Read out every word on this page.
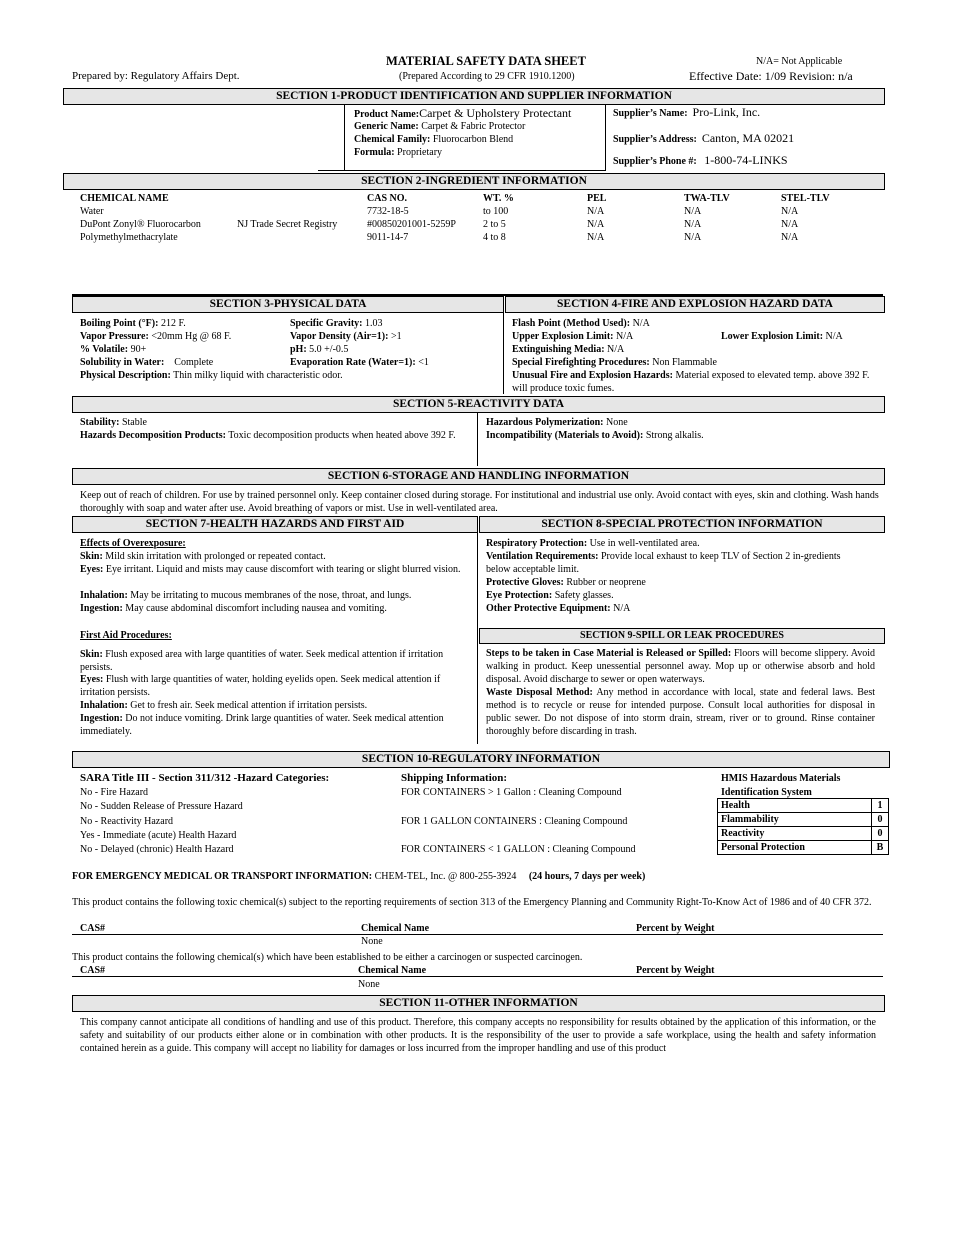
MATERIAL SAFETY DATA SHEET
(Prepared According to 29 CFR 1910.1200)
Prepared by: Regulatory Affairs Dept.
N/A= Not Applicable
Effective Date: 1/09 Revision: n/a
SECTION 1-PRODUCT IDENTIFICATION AND SUPPLIER INFORMATION
Product Name:Carpet & Upholstery Protectant
Generic Name: Carpet & Fabric Protector
Chemical Family: Fluorocarbon Blend
Formula: Proprietary
Supplier’s Name: Pro-Link, Inc.
Supplier’s Address: Canton, MA 02021
Supplier’s Phone #: 1-800-74-LINKS
SECTION 2-INGREDIENT INFORMATION
CHEMICAL NAME	CAS NO.	WT. %	PEL	TWA-TLV	STEL-TLV
Water	7732-18-5	to 100	N/A	N/A	N/A
DuPont Zonyl® Fluorocarbon	NJ Trade Secret Registry	#00850201001-5259P	2 to 5	N/A	N/A	N/A
Polymethylmethacrylate	9011-14-7	4 to 8	N/A	N/A	N/A
SECTION 3-PHYSICAL DATA	SECTION 4-FIRE AND EXPLOSION HAZARD DATA
Boiling Point (°F): 212 F.	Specific Gravity: 1.03
Vapor Pressure: <20mm Hg @ 68 F.	Vapor Density (Air=1): >1
% Volatile: 90+	pH: 5.0 +/-0.5
Solubility in Water: Complete	Evaporation Rate (Water=1): <1
Physical Description: Thin milky liquid with characteristic odor.
Flash Point (Method Used): N/A
Upper Explosion Limit: N/A	Lower Explosion Limit: N/A
Extinguishing Media: N/A
Special Firefighting Procedures: Non Flammable
Unusual Fire and Explosion Hazards: Material exposed to elevated temp. above 392 F. will produce toxic fumes.
SECTION 5-REACTIVITY DATA
Stability: Stable
Hazards Decomposition Products: Toxic decomposition products when heated above 392 F.
Hazardous Polymerization: None
Incompatibility (Materials to Avoid): Strong alkalis.
SECTION 6-STORAGE AND HANDLING INFORMATION
Keep out of reach of children. For use by trained personnel only. Keep container closed during storage. For institutional and industrial use only. Avoid contact with eyes, skin and clothing. Wash hands thoroughly with soap and water after use. Avoid breathing of vapors or mist. Use in well-ventilated area.
SECTION 7-HEALTH HAZARDS AND FIRST AID	SECTION 8-SPECIAL PROTECTION INFORMATION
Effects of Overexposure:
Skin: Mild skin irritation with prolonged or repeated contact.
Eyes: Eye irritant. Liquid and mists may cause discomfort with tearing or slight blurred vision.
Inhalation: May be irritating to mucous membranes of the nose, throat, and lungs.
Ingestion: May cause abdominal discomfort including nausea and vomiting.
First Aid Procedures:
Skin: Flush exposed area with large quantities of water. Seek medical attention if irritation persists.
Eyes: Flush with large quantities of water, holding eyelids open. Seek medical attention if irritation persists.
Inhalation: Get to fresh air. Seek medical attention if irritation persists.
Ingestion: Do not induce vomiting. Drink large quantities of water. Seek medical attention immediately.
Respiratory Protection: Use in well-ventilated area.
Ventilation Requirements: Provide local exhaust to keep TLV of Section 2 in-gredients below acceptable limit.
Protective Gloves: Rubber or neoprene
Eye Protection: Safety glasses.
Other Protective Equipment: N/A
SECTION 9-SPILL OR LEAK PROCEDURES
Steps to be taken in Case Material is Released or Spilled: Floors will become slippery. Avoid walking in product. Keep unessential personnel away. Mop up or otherwise absorb and hold disposal. Avoid discharge to sewer or open waterways.
Waste Disposal Method: Any method in accordance with local, state and federal laws. Best method is to recycle or reuse for intended purpose. Consult local authorities for disposal in public sewer. Do not dispose of into storm drain, stream, river or to ground. Rinse container thoroughly before discarding in trash.
SECTION 10-REGULATORY INFORMATION
SARA Title III - Section 311/312 -Hazard Categories:
No - Fire Hazard
No - Sudden Release of Pressure Hazard
No - Reactivity Hazard
Yes - Immediate (acute) Health Hazard
No - Delayed (chronic) Health Hazard
Shipping Information:
FOR CONTAINERS > 1 Gallon : Cleaning Compound
FOR 1 GALLON CONTAINERS : Cleaning Compound
FOR CONTAINERS < 1 GALLON : Cleaning Compound
HMIS Hazardous Materials
Identification System
Health	1
Flammability	0
Reactivity	0
Personal Protection	B
FOR EMERGENCY MEDICAL OR TRANSPORT INFORMATION: CHEM-TEL, Inc. @ 800-255-3924 (24 hours, 7 days per week)
This product contains the following toxic chemical(s) subject to the reporting requirements of section 313 of the Emergency Planning and Community Right-To-Know Act of 1986 and of 40 CFR 372.
CAS#	Chemical Name	Percent by Weight
None
This product contains the following chemical(s) which have been established to be either a carcinogen or suspected carcinogen.
CAS#	Chemical Name	Percent by Weight
None
SECTION 11-OTHER INFORMATION
This company cannot anticipate all conditions of handling and use of this product. Therefore, this company accepts no responsibility for results obtained by the application of this information, or the safety and suitability of our products either alone or in combination with other products. It is the responsibility of the user to provide a safe workplace, using the health and safety information contained herein as a guide. This company will accept no liability for damages or loss incurred from the improper handling and use of this product
